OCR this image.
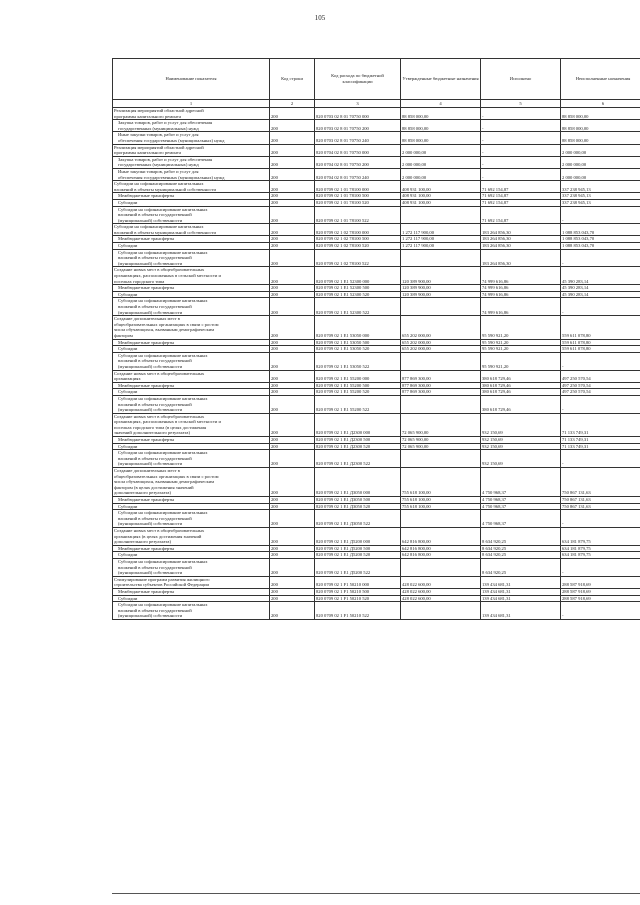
105
Наименование показателя	Код строки	Код расхода по бюджетной классификации	Утвержденные бюджетные назначения	Исполнено	Неисполненные назначения
1	2	3	4	5	6
Реализация мероприятий областной адресной
программы капитального ремонта	200	820 0703 02 8 01 70750 000	88 858 000,00	-	88 858 000,00
Закупка товаров, работ и услуг для обеспечения
государственных (муниципальных) нужд	200	820 0703 02 8 01 70750 200	88 858 000,00	-	88 858 000,00
Иные закупки товаров, работ и услуг для
обеспечения государственных (муниципальных) нужд	200	820 0703 02 8 01 70750 240	88 858 000,00	-	88 858 000,00
Реализация мероприятий областной адресной
программы капитального ремонта	200	820 0704 02 8 01 70750 000	2 000 000,00	-	2 000 000,00
Закупка товаров, работ и услуг для обеспечения
государственных (муниципальных) нужд	200	820 0704 02 8 01 70750 200	2 000 000,00	-	2 000 000,00
Иные закупки товаров, работ и услуг для
обеспечения государственных (муниципальных) нужд	200	820 0704 02 8 01 70750 240	2 000 000,00	-	2 000 000,00
Субсидии на софинансирование капитальных
вложений в объекты муниципальной собственности	200	820 0709 02 1 01 78100 000	408 931 100,00	71 692 154,87	337 238 945,13
Межбюджетные трансферты	200	820 0709 02 1 01 78100 500	408 931 100,00	71 692 154,87	337 238 945,13
Субсидии	200	820 0709 02 1 01 78100 520	408 931 100,00	71 692 154,87	337 238 945,13
Субсидии на софинансирование капитальных
вложений в объекты государственной
(муниципальной) собственности	200	820 0709 02 1 01 78100 522		71 692 154,87	-
Субсидии на софинансирование капитальных
вложений в объекты муниципальной собственности	200	820 0709 02 1 02 78100 000	1 272 117 900,00	183 264 856,30	1 088 853 043,70
Межбюджетные трансферты	200	820 0709 02 1 02 78100 500	1 272 117 900,00	183 264 856,30	1 088 853 043,70
Субсидии	200	820 0709 02 1 02 78100 520	1 272 117 900,00	183 264 856,30	1 088 853 043,70
Субсидии на софинансирование капитальных
вложений в объекты государственной
(муниципальной) собственности	200	820 0709 02 1 02 78100 522		183 264 856,30	-
Создание новых мест в общеобразовательных
организациях, расположенных в сельской местности и
поселках городского типа	200	820 0709 02 1 E1 52300 000	120 389 900,00	74 999 616,86	45 390 283,14
Межбюджетные трансферты	200	820 0709 02 1 E1 52300 500	120 389 900,00	74 999 616,86	45 390 283,14
Субсидии	200	820 0709 02 1 E1 52300 520	120 389 900,00	74 999 616,86	45 390 283,14
Субсидии на софинансирование капитальных
вложений в объекты государственной
(муниципальной) собственности	200	820 0709 02 1 E1 52300 522		74 999 616,86	-
Создание дополнительных мест в
общеобразовательных организациях в связи с ростом
числа обучающихся, вызванным демографическим
фактором	200	820 0709 02 1 E1 53050 000	655 202 000,00	95 590 921,20	559 611 078,80
Межбюджетные трансферты	200	820 0709 02 1 E1 53050 500	655 202 000,00	95 590 921,20	559 611 078,80
Субсидии	200	820 0709 02 1 E1 53050 520	655 202 000,00	95 590 921,20	559 611 078,80
Субсидии на софинансирование капитальных
вложений в объекты государственной
(муниципальной) собственности	200	820 0709 02 1 E1 53050 522		95 590 921,20	-
Создание новых мест в общеобразовательных
организациях	200	820 0709 02 1 E1 55200 000	877 869 300,00	380 618 729,46	497 250 570,54
Межбюджетные трансферты	200	820 0709 02 1 E1 55200 500	877 869 300,00	380 618 729,46	497 250 570,54
Субсидии	200	820 0709 02 1 E1 55200 520	877 869 300,00	380 618 729,46	497 250 570,54
Субсидии на софинансирование капитальных
вложений в объекты государственной
(муниципальной) собственности	200	820 0709 02 1 E1 55200 522		380 618 729,46	-
Создание новых мест в общеобразовательных
организациях, расположенных в сельской местности и
поселках городского типа (в целях достижения
значений дополнительного результата)	200	820 0709 02 1 E1 Д2300 000	72 065 900,00	932 150,69	71 133 749,31
Межбюджетные трансферты	200	820 0709 02 1 E1 Д2300 500	72 065 900,00	932 150,69	71 133 749,31
Субсидии	200	820 0709 02 1 E1 Д2300 520	72 065 900,00	932 150,69	71 133 749,31
Субсидии на софинансирование капитальных
вложений в объекты государственной
(муниципальной) собственности	200	820 0709 02 1 E1 Д2300 522		932 150,69	-
Создание дополнительных мест в
общеобразовательных организациях в связи с ростом
числа обучающихся, вызванным демографическим
фактором (в целях достижения значений
дополнительного результата)	200	820 0709 02 1 E1 Д3050 000	755 618 100,00	4 750 968,37	750 867 131,63
Межбюджетные трансферты	200	820 0709 02 1 E1 Д3050 500	755 618 100,00	4 750 968,37	750 867 131,63
Субсидии	200	820 0709 02 1 E1 Д3050 520	755 618 100,00	4 750 968,37	750 867 131,63
Субсидии на софинансирование капитальных
вложений в объекты государственной
(муниципальной) собственности	200	820 0709 02 1 E1 Д3050 522		4 750 968,37	-
Создание новых мест в общеобразовательных
организациях (в целях достижения значений
дополнительного результата)	200	820 0709 02 1 E1 Д5200 000	642 816 800,00	8 634 920,25	634 181 879,75
Межбюджетные трансферты	200	820 0709 02 1 E1 Д5200 500	642 816 800,00	8 634 920,25	634 181 879,75
Субсидии	200	820 0709 02 1 E1 Д5200 520	642 816 800,00	8 634 920,25	634 181 879,75
Субсидии на софинансирование капитальных
вложений в объекты государственной
(муниципальной) собственности	200	820 0709 02 1 E1 Д5200 522		8 634 920,25	-
Стимулирование программ развития жилищного
строительства субъектов Российской Федерации	200	820 0709 02 1 F1 50210 000	428 022 600,00	139 434 681,31	288 587 918,69
Межбюджетные трансферты	200	820 0709 02 1 F1 50210 500	428 022 600,00	139 434 681,31	288 587 918,69
Субсидии	200	820 0709 02 1 F1 50210 520	428 022 600,00	139 434 681,31	288 587 918,69
Субсидии на софинансирование капитальных
вложений в объекты государственной
(муниципальной) собственности	200	820 0709 02 1 F1 50210 522		139 434 681,31	-
